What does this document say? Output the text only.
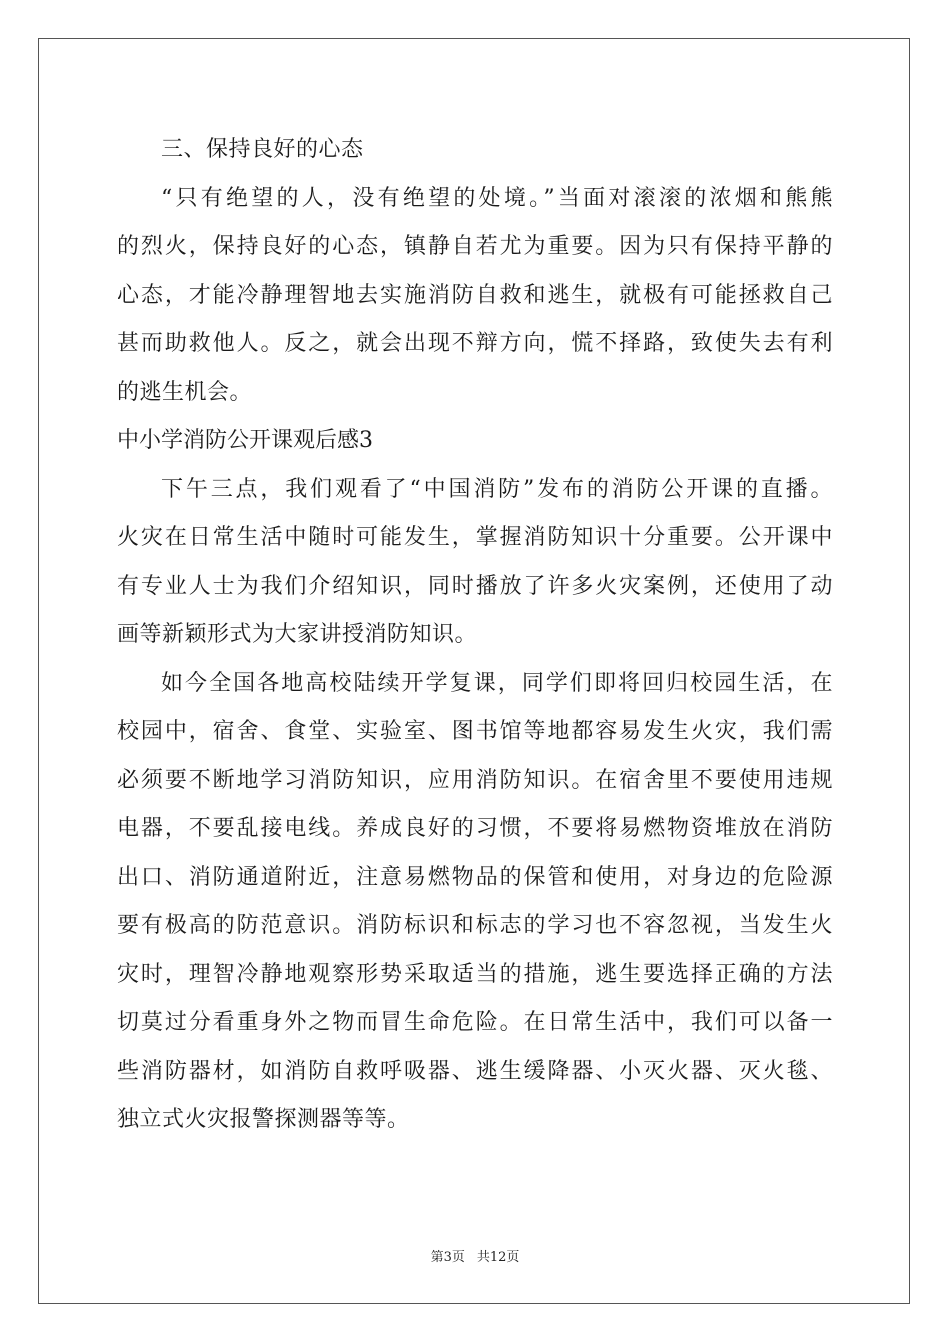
三、保持良好的心态
“只有绝望的人，没有绝望的处境。”当面对滚滚的浓烟和熊熊
的烈火，保持良好的心态，镇静自若尤为重要。因为只有保持平静的
心态，才能冷静理智地去实施消防自救和逃生，就极有可能拯救自己
甚而助救他人。反之，就会出现不辩方向，慌不择路，致使失去有利
的逃生机会。
中小学消防公开课观后感3
下午三点，我们观看了“中国消防”发布的消防公开课的直播。
火灾在日常生活中随时可能发生，掌握消防知识十分重要。公开课中
有专业人士为我们介绍知识，同时播放了许多火灾案例，还使用了动
画等新颖形式为大家讲授消防知识。
如今全国各地高校陆续开学复课，同学们即将回归校园生活，在
校园中，宿舍、食堂、实验室、图书馆等地都容易发生火灾，我们需
必须要不断地学习消防知识，应用消防知识。在宿舍里不要使用违规
电器，不要乱接电线。养成良好的习惯，不要将易燃物资堆放在消防
出口、消防通道附近，注意易燃物品的保管和使用，对身边的危险源
要有极高的防范意识。消防标识和标志的学习也不容忽视，当发生火
灾时，理智冷静地观察形势采取适当的措施，逃生要选择正确的方法
切莫过分看重身外之物而冒生命危险。在日常生活中，我们可以备一
些消防器材，如消防自救呼吸器、逃生缓降器、小灭火器、灭火毯、
独立式火灾报警探测器等等。
第3页 共12页
